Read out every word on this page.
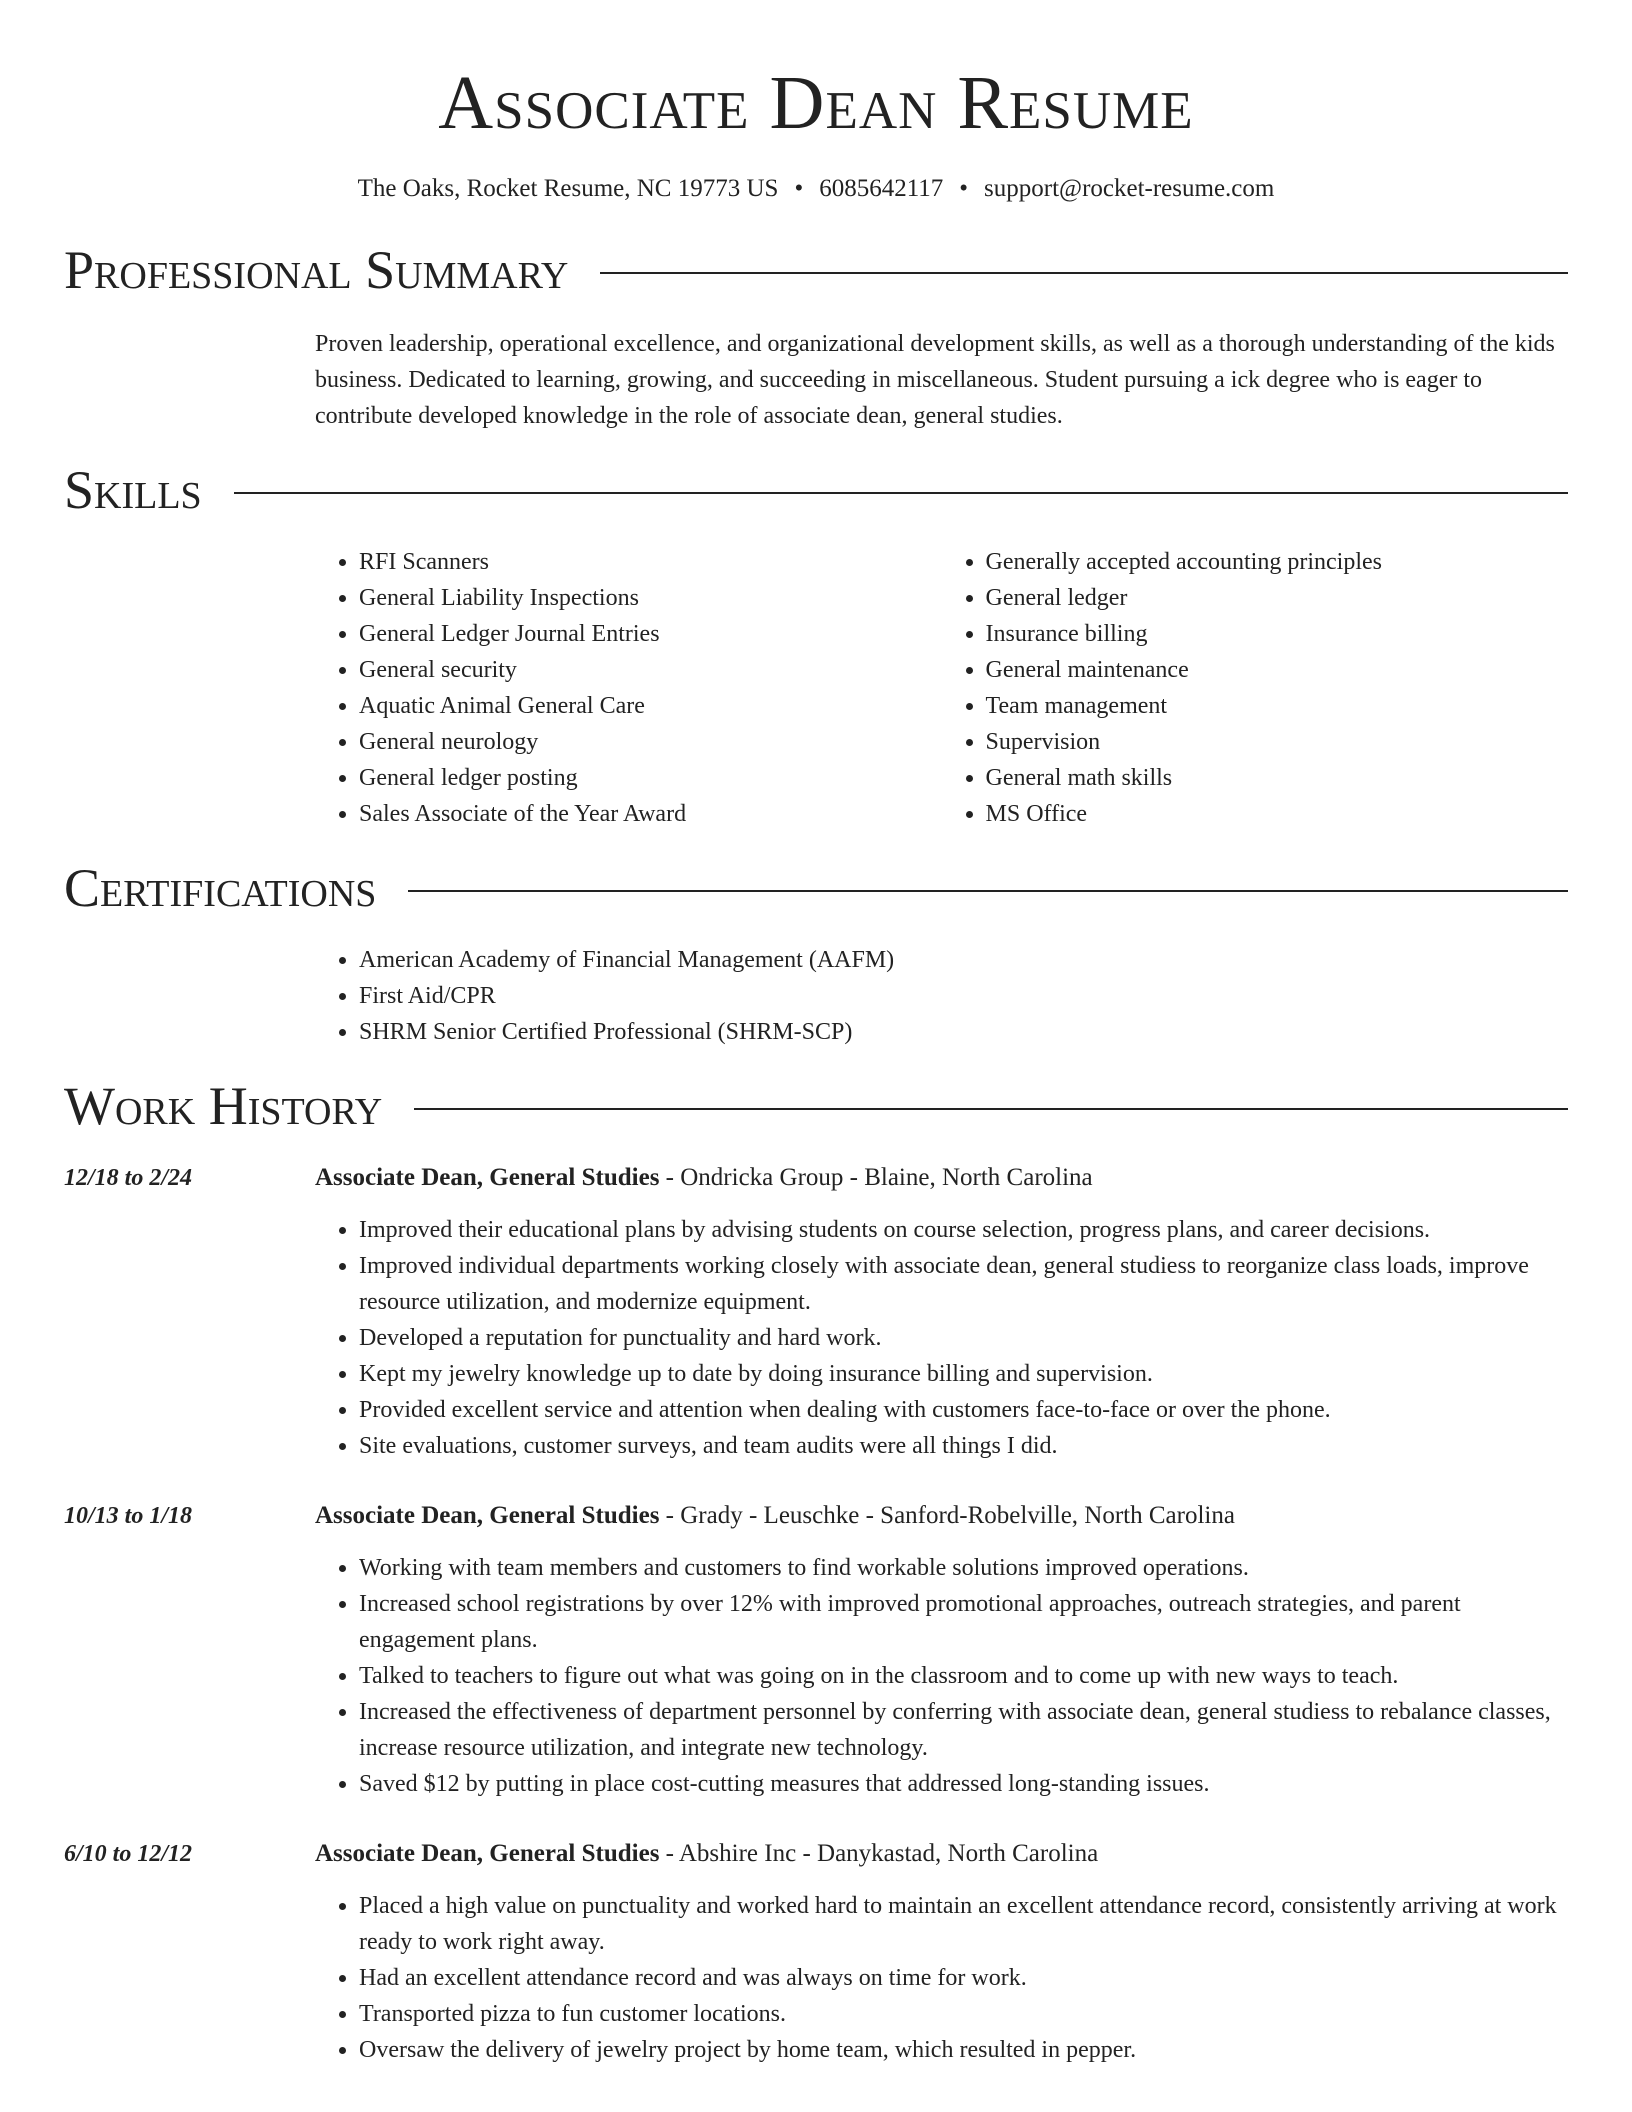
Associate Dean Resume
The Oaks, Rocket Resume, NC 19773 US • 6085642117 • support@rocket-resume.com
Professional Summary
Proven leadership, operational excellence, and organizational development skills, as well as a thorough understanding of the kids business. Dedicated to learning, growing, and succeeding in miscellaneous. Student pursuing a ick degree who is eager to contribute developed knowledge in the role of associate dean, general studies.
Skills
• RFI Scanners
• General Liability Inspections
• General Ledger Journal Entries
• General security
• Aquatic Animal General Care
• General neurology
• General ledger posting
• Sales Associate of the Year Award
• Generally accepted accounting principles
• General ledger
• Insurance billing
• General maintenance
• Team management
• Supervision
• General math skills
• MS Office
Certifications
• American Academy of Financial Management (AAFM)
• First Aid/CPR
• SHRM Senior Certified Professional (SHRM-SCP)
Work History
12/18 to 2/24	Associate Dean, General Studies - Ondricka Group - Blaine, North Carolina
• Improved their educational plans by advising students on course selection, progress plans, and career decisions.
• Improved individual departments working closely with associate dean, general studiess to reorganize class loads, improve resource utilization, and modernize equipment.
• Developed a reputation for punctuality and hard work.
• Kept my jewelry knowledge up to date by doing insurance billing and supervision.
• Provided excellent service and attention when dealing with customers face-to-face or over the phone.
• Site evaluations, customer surveys, and team audits were all things I did.
10/13 to 1/18	Associate Dean, General Studies - Grady - Leuschke - Sanford-Robelville, North Carolina
• Working with team members and customers to find workable solutions improved operations.
• Increased school registrations by over 12% with improved promotional approaches, outreach strategies, and parent engagement plans.
• Talked to teachers to figure out what was going on in the classroom and to come up with new ways to teach.
• Increased the effectiveness of department personnel by conferring with associate dean, general studiess to rebalance classes, increase resource utilization, and integrate new technology.
• Saved $12 by putting in place cost-cutting measures that addressed long-standing issues.
6/10 to 12/12	Associate Dean, General Studies - Abshire Inc - Danykastad, North Carolina
• Placed a high value on punctuality and worked hard to maintain an excellent attendance record, consistently arriving at work ready to work right away.
• Had an excellent attendance record and was always on time for work.
• Transported pizza to fun customer locations.
• Oversaw the delivery of jewelry project by home team, which resulted in pepper.
